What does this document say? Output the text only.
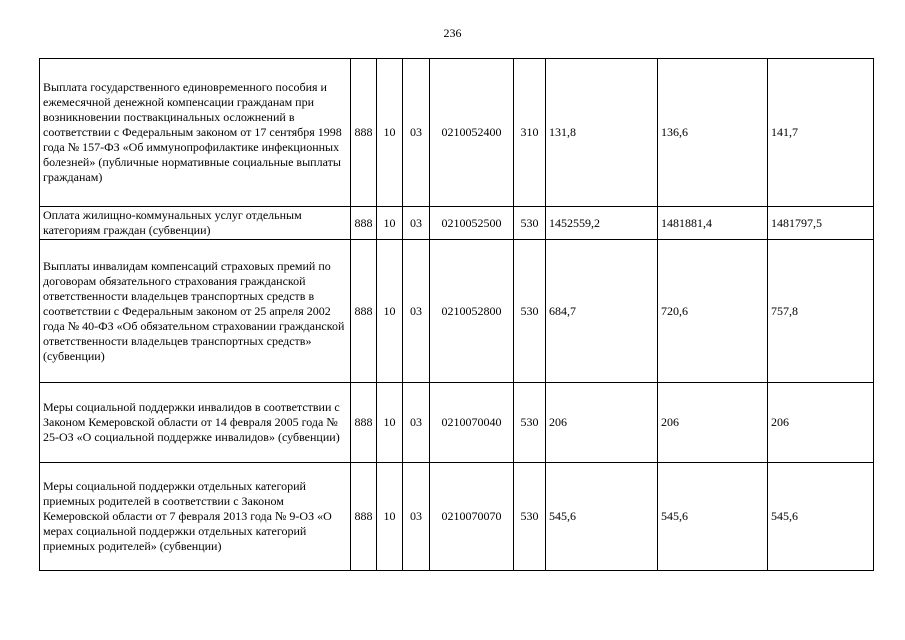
236
Выплата государственного единовременного пособия и ежемесячной денежной компенсации гражданам при возникновении поствакцинальных осложнений в соответствии с Федеральным законом от 17 сентября 1998 года № 157-ФЗ «Об иммунопрофилактике инфекционных болезней» (публичные нормативные социальные выплаты гражданам)	888	10	03	0210052400	310	131,8	136,6	141,7
Оплата жилищно-коммунальных услуг отдельным категориям граждан (субвенции)	888	10	03	0210052500	530	1452559,2	1481881,4	1481797,5
Выплаты инвалидам компенсаций страховых премий по договорам обязательного страхования гражданской ответственности владельцев транспортных средств в соответствии с Федеральным законом от 25 апреля 2002 года № 40-ФЗ «Об обязательном страховании гражданской ответственности владельцев транспортных средств» (субвенции)	888	10	03	0210052800	530	684,7	720,6	757,8
Меры социальной поддержки инвалидов в соответствии с Законом Кемеровской области от 14 февраля 2005 года № 25-ОЗ «О социальной поддержке инвалидов» (субвенции)	888	10	03	0210070040	530	206	206	206
Меры социальной поддержки отдельных категорий приемных родителей в соответствии с Законом Кемеровской области от 7 февраля 2013 года № 9-ОЗ «О мерах социальной поддержки отдельных категорий приемных родителей» (субвенции)	888	10	03	0210070070	530	545,6	545,6	545,6
